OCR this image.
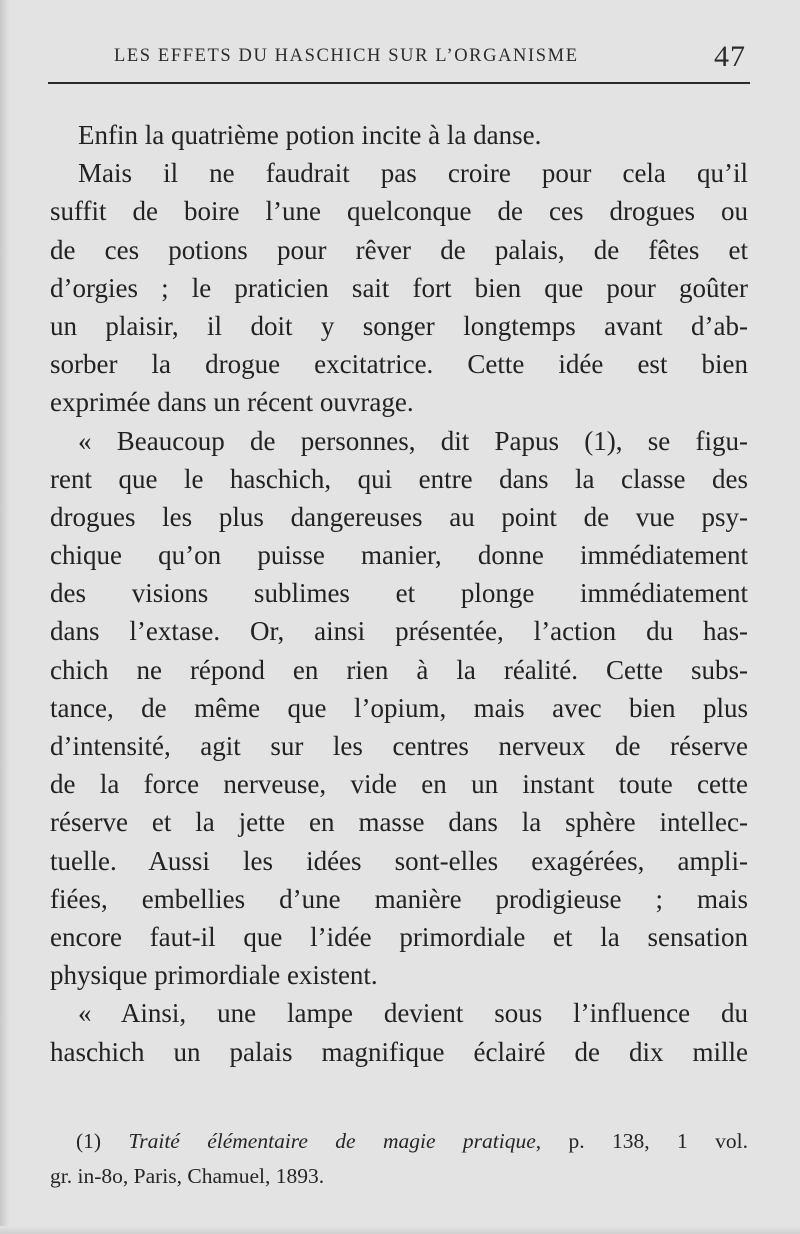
LES EFFETS DU HASCHICH SUR L’ORGANISME	47
Enfin la quatrième potion incite à la danse.
Mais il ne faudrait pas croire pour cela qu’il
suffit de boire l’une quelconque de ces drogues ou
de ces potions pour rêver de palais, de fêtes et
d’orgies ; le praticien sait fort bien que pour goûter
un plaisir, il doit y songer longtemps avant d’ab-
sorber la drogue excitatrice. Cette idée est bien
exprimée dans un récent ouvrage.
« Beaucoup de personnes, dit Papus (1), se figu-
rent que le haschich, qui entre dans la classe des
drogues les plus dangereuses au point de vue psy-
chique qu’on puisse manier, donne immédiatement
des visions sublimes et plonge immédiatement
dans l’extase. Or, ainsi présentée, l’action du has-
chich ne répond en rien à la réalité. Cette subs-
tance, de même que l’opium, mais avec bien plus
d’intensité, agit sur les centres nerveux de réserve
de la force nerveuse, vide en un instant toute cette
réserve et la jette en masse dans la sphère intellec-
tuelle. Aussi les idées sont-elles exagérées, ampli-
fiées, embellies d’une manière prodigieuse ; mais
encore faut-il que l’idée primordiale et la sensation
physique primordiale existent.
« Ainsi, une lampe devient sous l’influence du
haschich un palais magnifique éclairé de dix mille
(1) Traité élémentaire de magie pratique, p. 138, 1 vol.
gr. in-8o, Paris, Chamuel, 1893.
